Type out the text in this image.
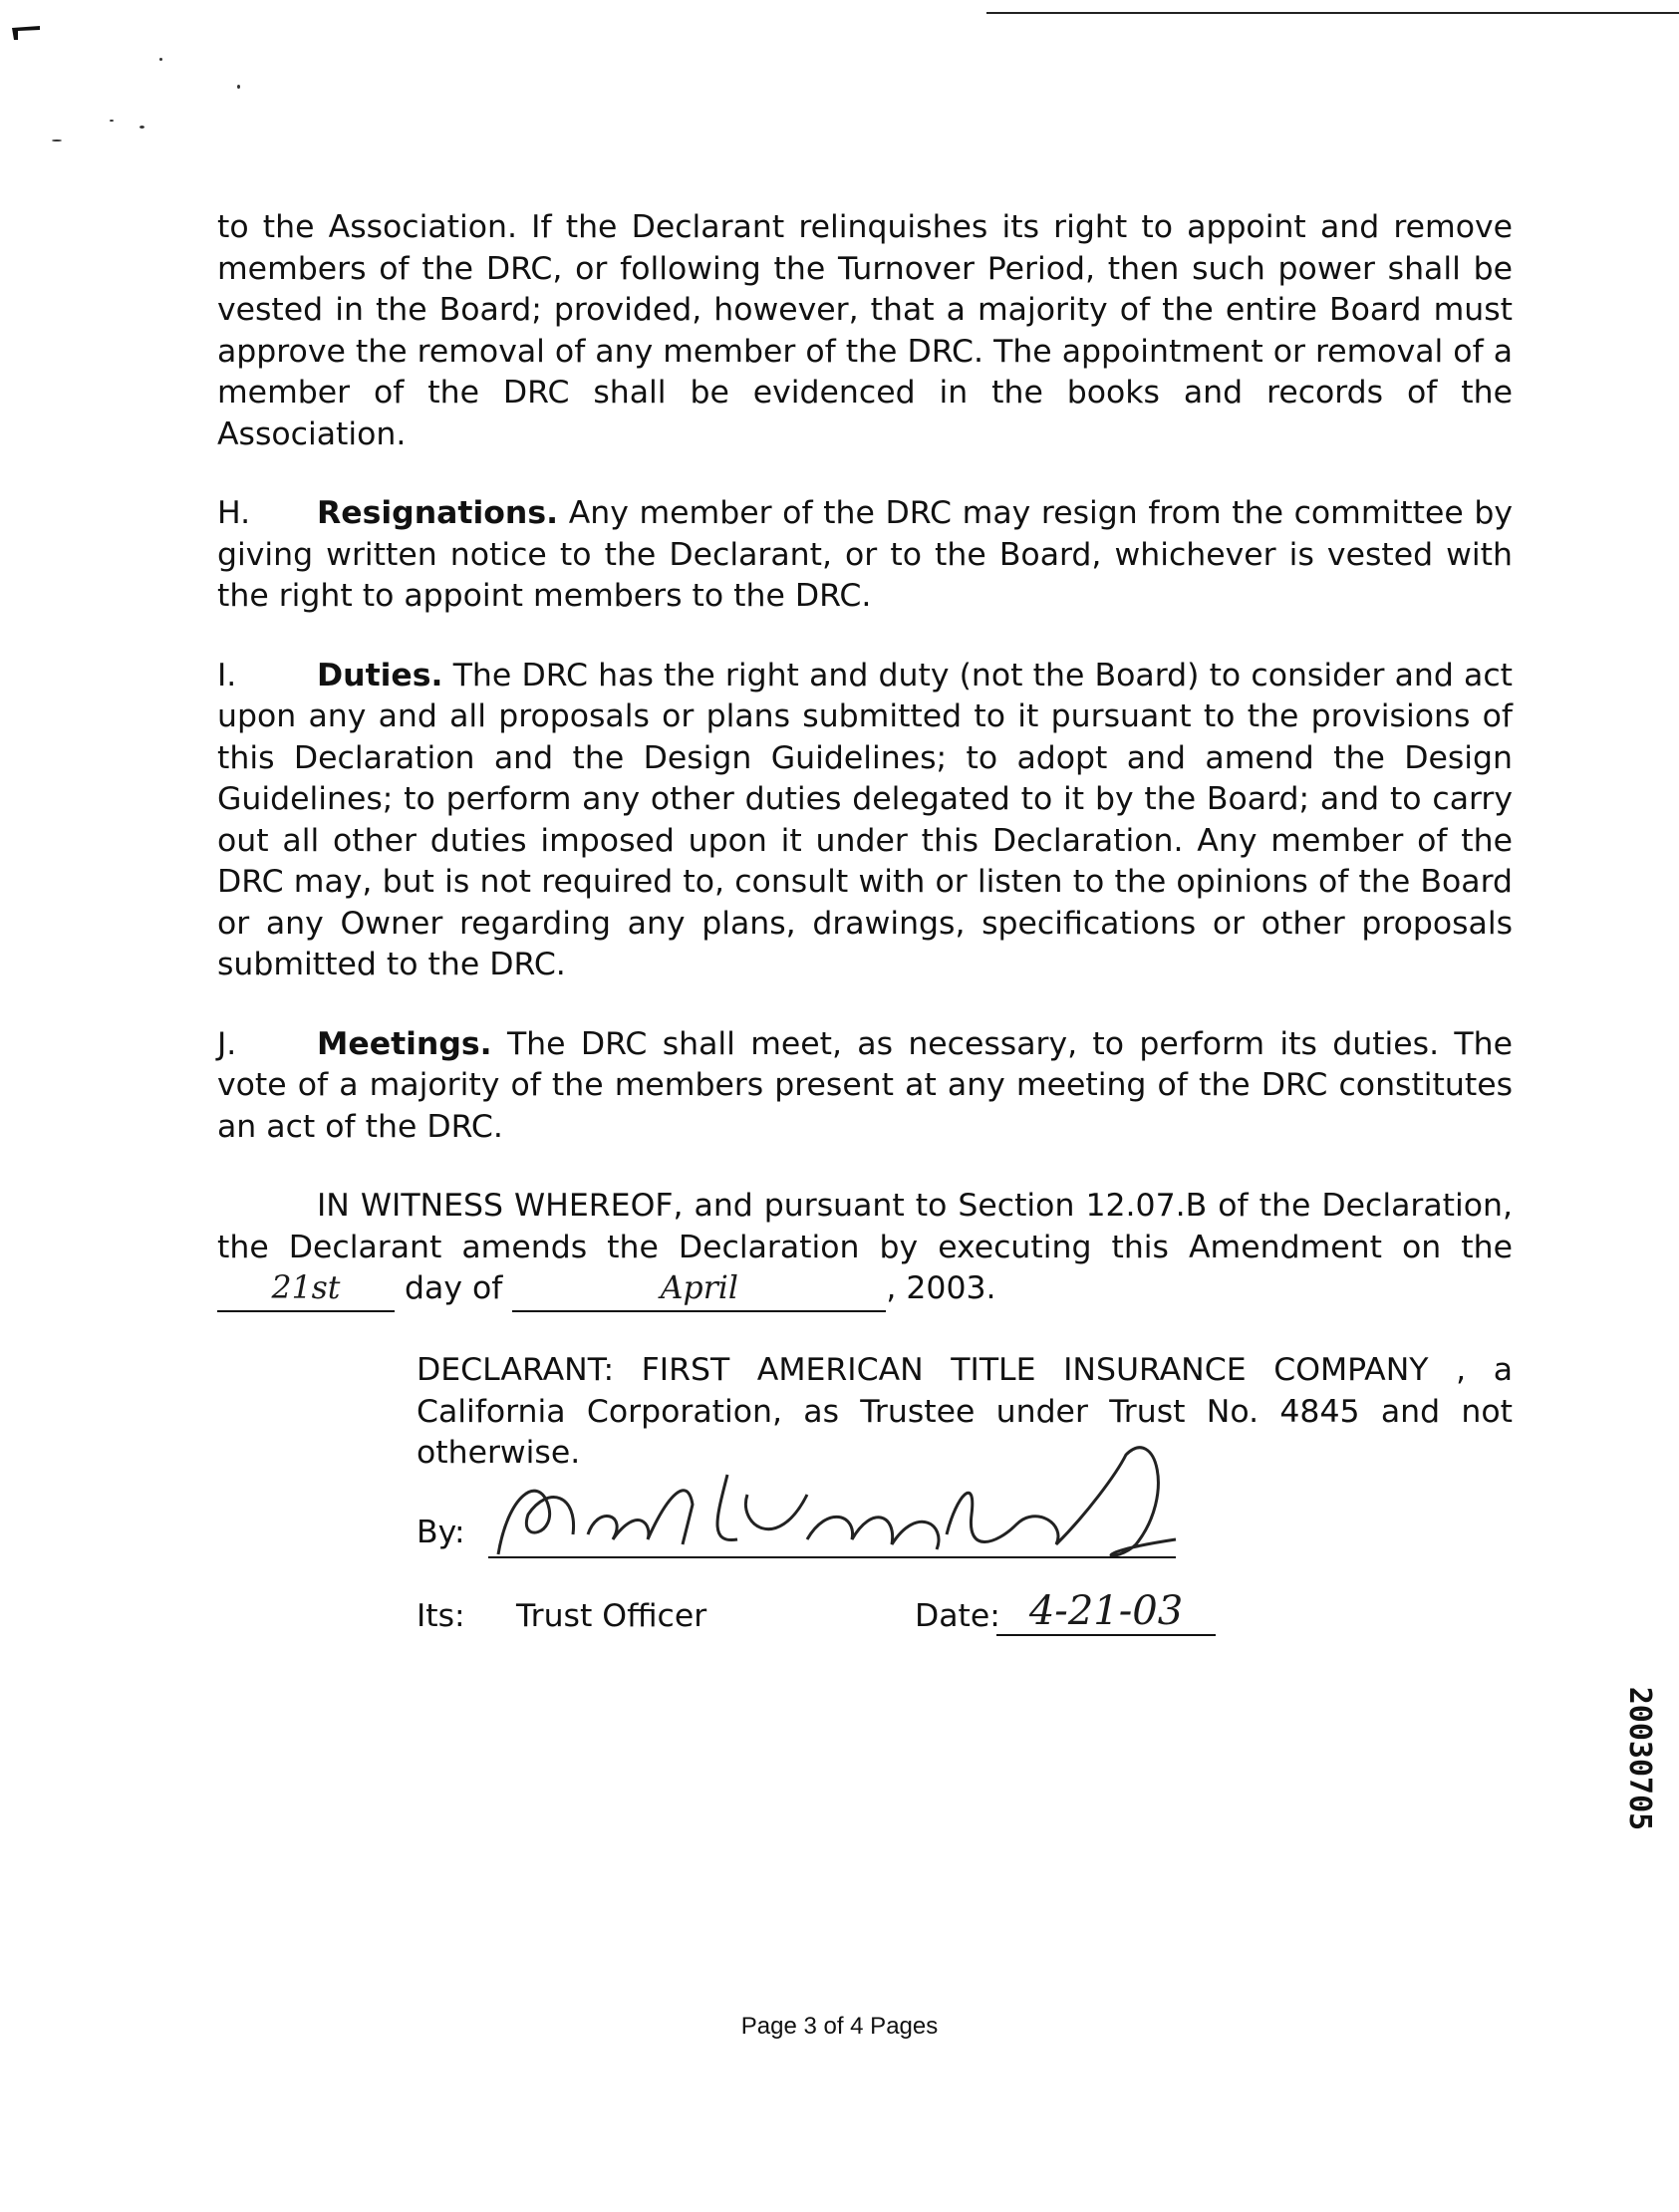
to the Association. If the Declarant relinquishes its right to appoint and remove members of the DRC, or following the Turnover Period, then such power shall be vested in the Board; provided, however, that a majority of the entire Board must approve the removal of any member of the DRC. The appointment or removal of a member of the DRC shall be evidenced in the books and records of the Association.

H. Resignations. Any member of the DRC may resign from the committee by giving written notice to the Declarant, or to the Board, whichever is vested with the right to appoint members to the DRC.

I.	Duties. The DRC has the right and duty (not the Board) to consider and act upon any and all proposals or plans submitted to it pursuant to the provisions of this Declaration and the Design Guidelines; to adopt and amend the Design Guidelines; to perform any other duties delegated to it by the Board; and to carry out all other duties imposed upon it under this Declaration. Any member of the DRC may, but is not required to, consult with or listen to the opinions of the Board or any Owner regarding any plans, drawings, specifications or other proposals submitted to the DRC.

J.	Meetings. The DRC shall meet, as necessary, to perform its duties. The vote of a majority of the members present at any meeting of the DRC constitutes an act of the DRC.

IN WITNESS WHEREOF, and pursuant to Section 12.07.B of the Declaration, the Declarant amends the Declaration by executing this Amendment on the 21st day of	April	, 2003.
DECLARANT: FIRST AMERICAN TITLE INSURANCE COMPANY , a California Corporation, as Trustee under Trust No. 4845 and not otherwise.
By:
Its: Trust Officer	Date: 4-21-03
20030705
Page 3 of 4 Pages
